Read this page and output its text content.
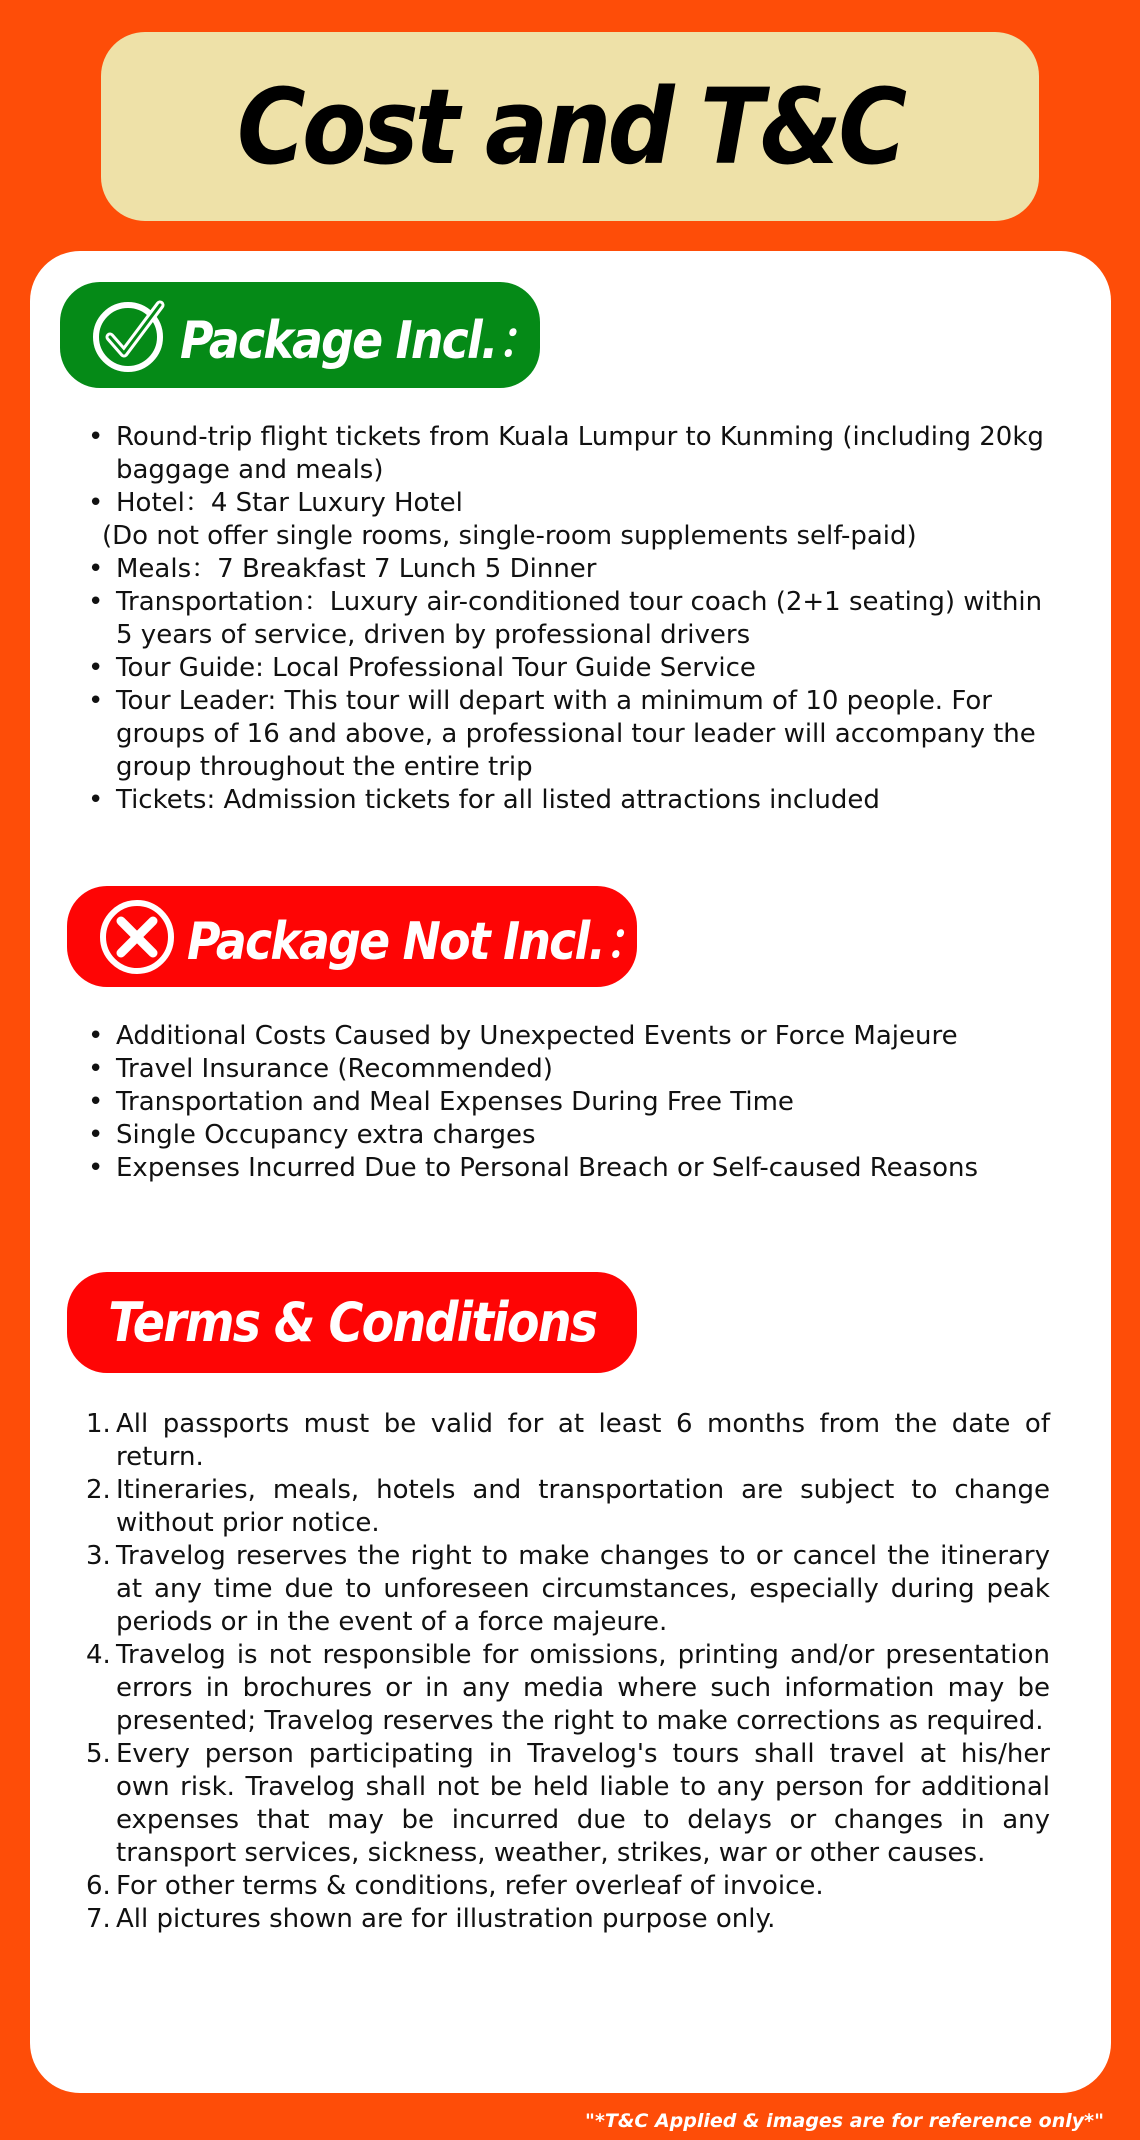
Cost and T&C
Package Incl.：
• Round-trip flight tickets from Kuala Lumpur to Kunming (including 20kg baggage and meals)
• Hotel：4 Star Luxury Hotel
(Do not offer single rooms, single-room supplements self-paid)
• Meals：7 Breakfast 7 Lunch 5 Dinner
• Transportation：Luxury air-conditioned tour coach (2+1 seating) within 5 years of service, driven by professional drivers
• Tour Guide: Local Professional Tour Guide Service
• Tour Leader: This tour will depart with a minimum of 10 people. For groups of 16 and above, a professional tour leader will accompany the group throughout the entire trip
• Tickets: Admission tickets for all listed attractions included
Package Not Incl.：
• Additional Costs Caused by Unexpected Events or Force Majeure
• Travel Insurance (Recommended)
• Transportation and Meal Expenses During Free Time
• Single Occupancy extra charges
• Expenses Incurred Due to Personal Breach or Self-caused Reasons
Terms & Conditions
1. All passports must be valid for at least 6 months from the date of return.
2. Itineraries, meals, hotels and transportation are subject to change without prior notice.
3. Travelog reserves the right to make changes to or cancel the itinerary at any time due to unforeseen circumstances, especially during peak periods or in the event of a force majeure.
4. Travelog is not responsible for omissions, printing and/or presentation errors in brochures or in any media where such information may be presented; Travelog reserves the right to make corrections as required.
5. Every person participating in Travelog's tours shall travel at his/her own risk. Travelog shall not be held liable to any person for additional expenses that may be incurred due to delays or changes in any transport services, sickness, weather, strikes, war or other causes.
6. For other terms & conditions, refer overleaf of invoice.
7. All pictures shown are for illustration purpose only.
"*T&C Applied & images are for reference only*"
